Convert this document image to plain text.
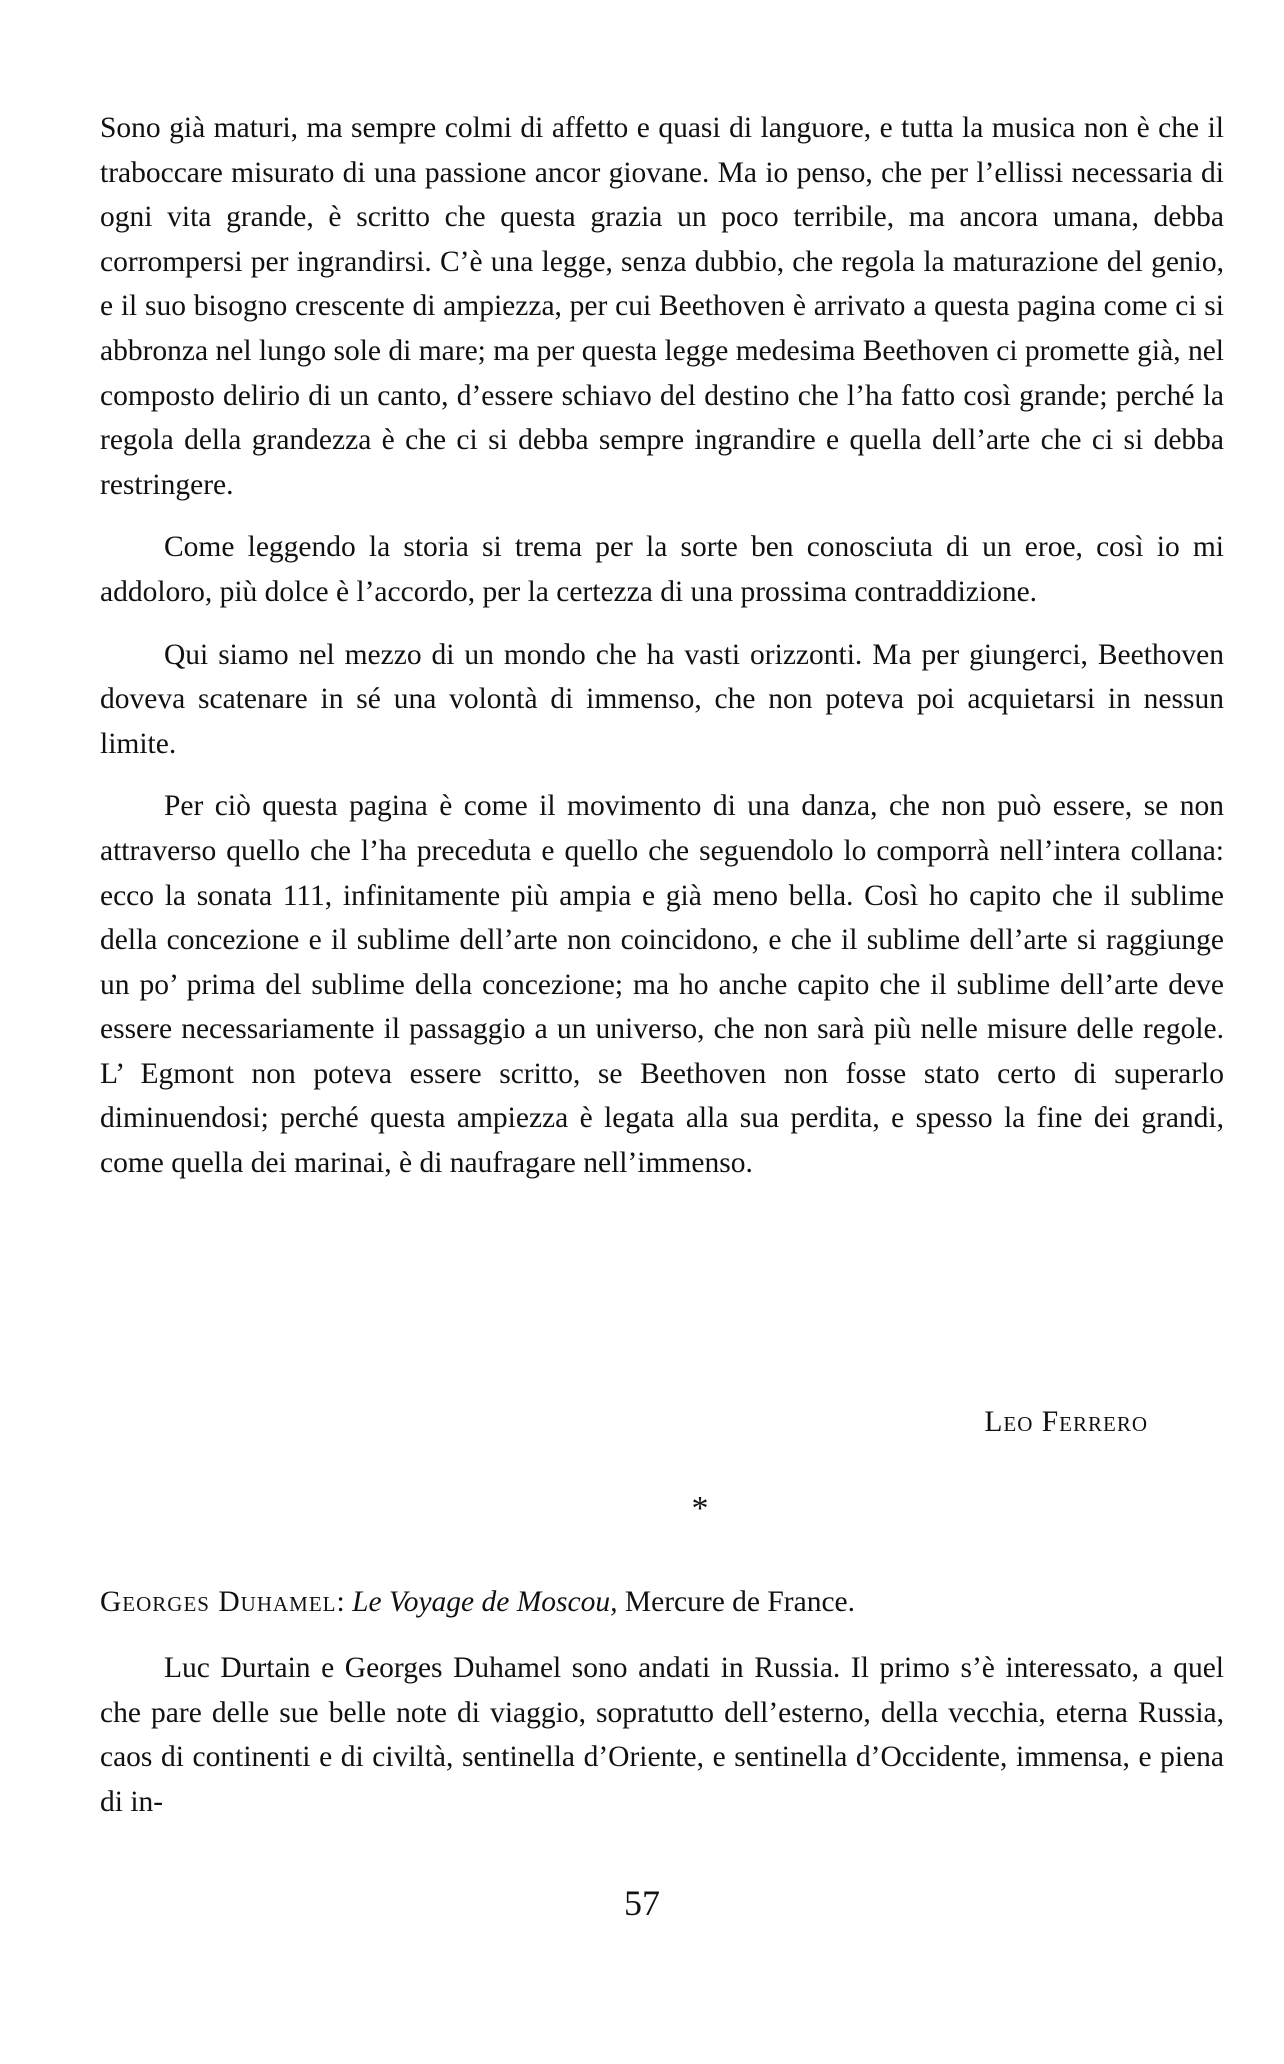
Sono già maturi, ma sempre colmi di affetto e quasi di languore, e tutta la musica non è che il traboccare misurato di una passione ancor giovane. Ma io penso, che per l’ellissi necessaria di ogni vita grande, è scritto che questa grazia un poco terribile, ma ancora umana, debba corrompersi per ingrandirsi. C’è una legge, senza dubbio, che regola la maturazione del genio, e il suo bisogno crescente di ampiezza, per cui Beethoven è arrivato a questa pagina come ci si abbronza nel lungo sole di mare; ma per questa legge medesima Beethoven ci promette già, nel composto delirio di un canto, d’essere schiavo del destino che l’ha fatto così grande; perché la regola della grandezza è che ci si debba sempre ingrandire e quella dell’arte che ci si debba restringere.

Come leggendo la storia si trema per la sorte ben conosciuta di un eroe, così io mi addoloro, più dolce è l’accordo, per la certezza di una prossima contraddizione.

Qui siamo nel mezzo di un mondo che ha vasti orizzonti. Ma per giungerci, Beethoven doveva scatenare in sé una volontà di immenso, che non poteva poi acquietarsi in nessun limite.

Per ciò questa pagina è come il movimento di una danza, che non può essere, se non attraverso quello che l’ha preceduta e quello che seguendolo lo comporrà nell’intera collana: ecco la sonata 111, infinitamente più ampia e già meno bella. Così ho capito che il sublime della concezione e il sublime dell’arte non coincidono, e che il sublime dell’arte si raggiunge un po’ prima del sublime della concezione; ma ho anche capito che il sublime dell’arte deve essere necessariamente il passaggio a un universo, che non sarà più nelle misure delle regole. L’ Egmont non poteva essere scritto, se Beethoven non fosse stato certo di superarlo diminuendosi; perché questa ampiezza è legata alla sua perdita, e spesso la fine dei grandi, come quella dei marinai, è di naufragare nell’immenso.

Leo Ferrero
*
Georges Duhamel: Le Voyage de Moscou, Mercure de France.

Luc Durtain e Georges Duhamel sono andati in Russia. Il primo s’è interessato, a quel che pare delle sue belle note di viaggio, sopratutto dell’esterno, della vecchia, eterna Russia, caos di continenti e di civiltà, sentinella d’Oriente, e sentinella d’Occidente, immensa, e piena di in-

57
